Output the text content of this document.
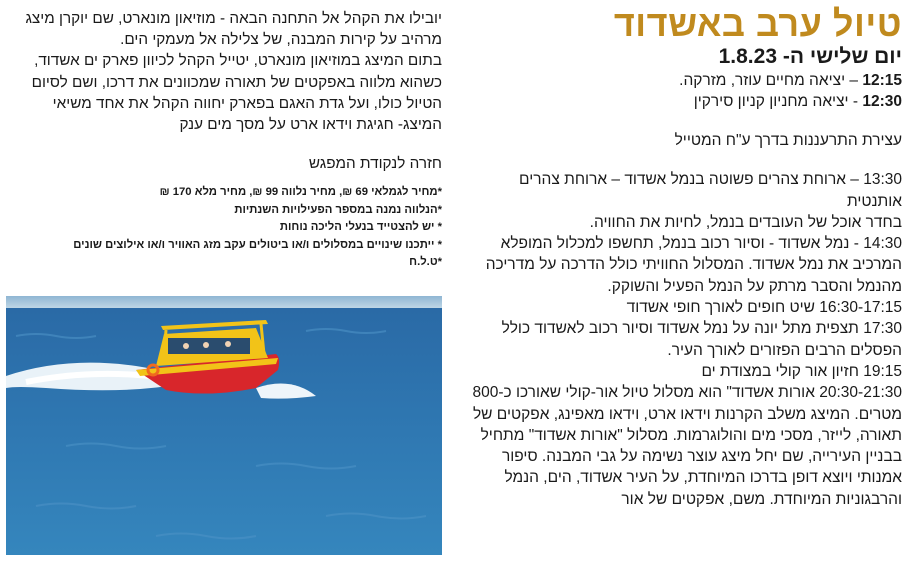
טיול ערב באשדוד
יום שלישי ה- 1.8.23
12:15 – יציאה מחיים עוזר, מזרקה.
12:30 - יציאה מחניון קניון סירקין
עצירת התרעננות בדרך ע"ח המטייל

13:30 – ארוחת צהרים פשוטה בנמל אשדוד – ארוחת צהרים אותנטית

בחדר אוכל של העובדים בנמל, לחיות את החוויה.

14:30 - נמל אשדוד - וסיור רכוב בנמל, תחשפו למכלול המופלא המרכיב את נמל אשדוד. המסלול החוויתי כולל הדרכה על מדריכה מהנמל והסבר מרתק על הנמל הפעיל והשוקק.

16:30-17:15 שיט חופים לאורך חופי אשדוד

17:30 תצפית מתל יונה על נמל אשדוד וסיור רכוב לאשדוד כולל הפסלים הרבים הפזורים לאורך העיר.

19:15 חזיון אור קולי במצודת ים

20:30-21:30 אורות אשדוד" הוא מסלול טיול אור-קולי שאורכו כ-800 מטרים. המיצג משלב הקרנות וידאו ארט, וידאו מאפינג, אפקטים של תאורה, לייזר, מסכי מים והולוגרמות. מסלול "אורות אשדוד" מתחיל בבניין העירייה, שם יחל מיצג עוצר נשימה על גבי המבנה. סיפור אמנותי ויוצא דופן בדרכו המיוחדת, על העיר אשדוד, הים, הנמל והרבגוניות המיוחדת. משם, אפקטים של אור

יובילו את הקהל אל התחנה הבאה - מוזיאון מונארט, שם יוקרן מיצג מרהיב על קירות המבנה, של צלילה אל מעמקי הים.

בתום המיצג במוזיאון מונארט, יטייל הקהל לכיוון פארק ים אשדוד, כשהוא מלווה באפקטים של תאורה שמכוונים את דרכו, ושם לסיום הטיול כולו, ועל גדת האגם בפארק יחווה הקהל את אחד משיאי המיצג- חגיגת וידאו ארט על מסך מים ענק

חזרה לנקודת המפגש
*מחיר לגמלאי 69 ₪, מחיר נלווה 99 ₪, מחיר מלא 170 ₪
*הנלווה נמנה במספר הפעילויות השנתיות
* יש להצטייד בנעלי הליכה נוחות
* ייתכנו שינויים במסלולים ו/או ביטולים עקב מזג האוויר ו/או אילוצים שונים
*ט.ל.ח
